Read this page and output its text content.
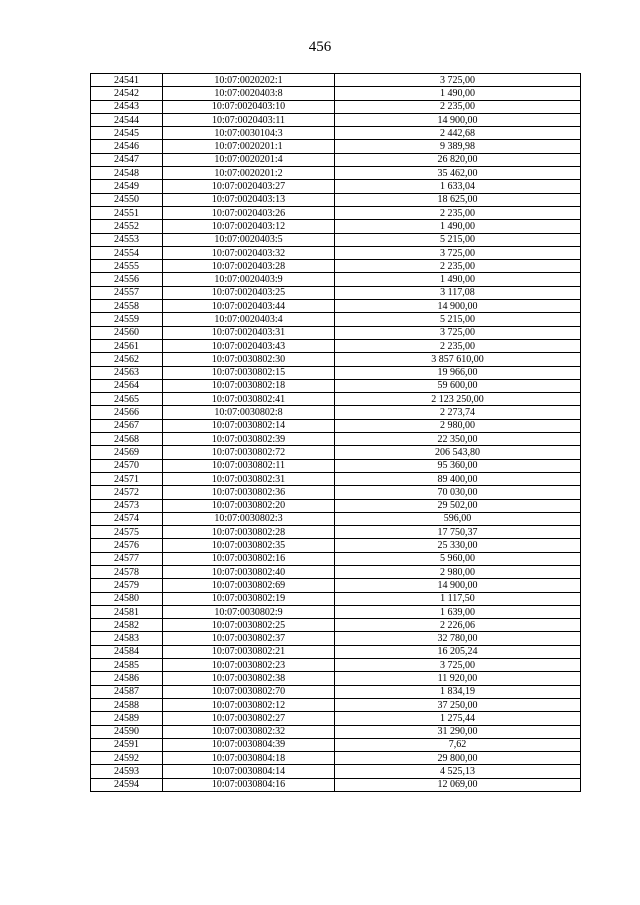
456
24541	10:07:0020202:1	3 725,00
24542	10:07:0020403:8	1 490,00
24543	10:07:0020403:10	2 235,00
24544	10:07:0020403:11	14 900,00
24545	10:07:0030104:3	2 442,68
24546	10:07:0020201:1	9 389,98
24547	10:07:0020201:4	26 820,00
24548	10:07:0020201:2	35 462,00
24549	10:07:0020403:27	1 633,04
24550	10:07:0020403:13	18 625,00
24551	10:07:0020403:26	2 235,00
24552	10:07:0020403:12	1 490,00
24553	10:07:0020403:5	5 215,00
24554	10:07:0020403:32	3 725,00
24555	10:07:0020403:28	2 235,00
24556	10:07:0020403:9	1 490,00
24557	10:07:0020403:25	3 117,08
24558	10:07:0020403:44	14 900,00
24559	10:07:0020403:4	5 215,00
24560	10:07:0020403:31	3 725,00
24561	10:07:0020403:43	2 235,00
24562	10:07:0030802:30	3 857 610,00
24563	10:07:0030802:15	19 966,00
24564	10:07:0030802:18	59 600,00
24565	10:07:0030802:41	2 123 250,00
24566	10:07:0030802:8	2 273,74
24567	10:07:0030802:14	2 980,00
24568	10:07:0030802:39	22 350,00
24569	10:07:0030802:72	206 543,80
24570	10:07:0030802:11	95 360,00
24571	10:07:0030802:31	89 400,00
24572	10:07:0030802:36	70 030,00
24573	10:07:0030802:20	29 502,00
24574	10:07:0030802:3	596,00
24575	10:07:0030802:28	17 750,37
24576	10:07:0030802:35	25 330,00
24577	10:07:0030802:16	5 960,00
24578	10:07:0030802:40	2 980,00
24579	10:07:0030802:69	14 900,00
24580	10:07:0030802:19	1 117,50
24581	10:07:0030802:9	1 639,00
24582	10:07:0030802:25	2 226,06
24583	10:07:0030802:37	32 780,00
24584	10:07:0030802:21	16 205,24
24585	10:07:0030802:23	3 725,00
24586	10:07:0030802:38	11 920,00
24587	10:07:0030802:70	1 834,19
24588	10:07:0030802:12	37 250,00
24589	10:07:0030802:27	1 275,44
24590	10:07:0030802:32	31 290,00
24591	10:07:0030804:39	7,62
24592	10:07:0030804:18	29 800,00
24593	10:07:0030804:14	4 525,13
24594	10:07:0030804:16	12 069,00
